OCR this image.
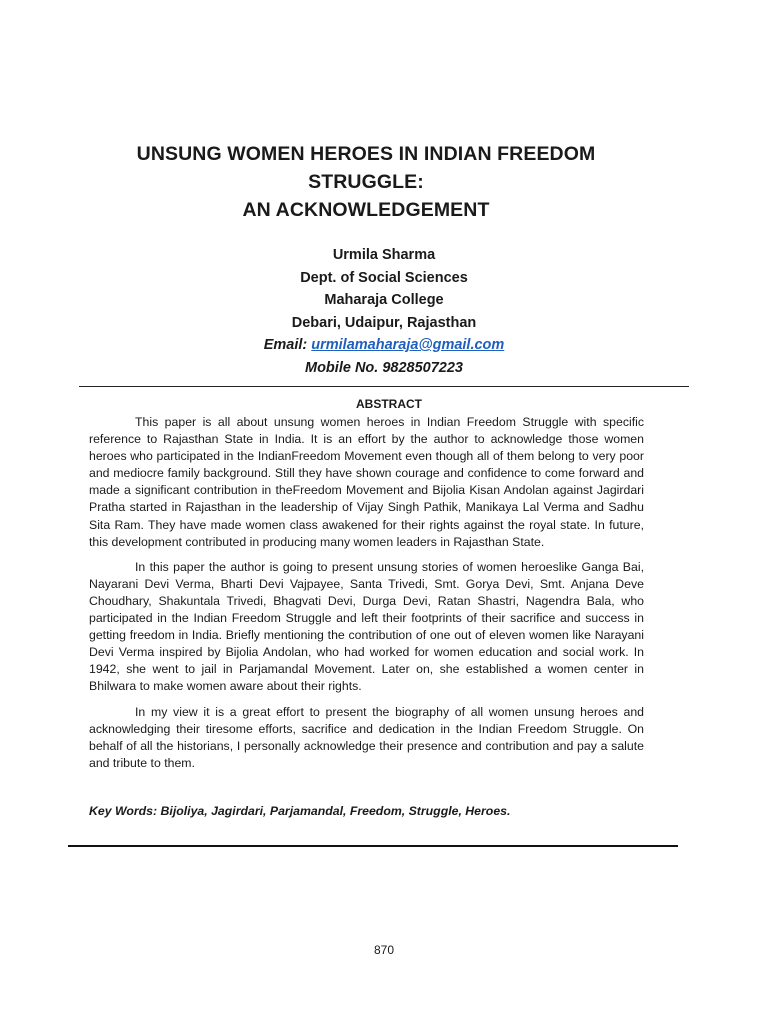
UNSUNG WOMEN HEROES IN INDIAN FREEDOM
STRUGGLE:
AN ACKNOWLEDGEMENT
Urmila Sharma
Dept. of Social Sciences
Maharaja College
Debari, Udaipur, Rajasthan
Email: urmilamaharaja@gmail.com
Mobile No. 9828507223
ABSTRACT

This paper is all about unsung women heroes in Indian Freedom Struggle with specific reference to Rajasthan State in India. It is an effort by the author to acknowledge those women heroes who participated in the IndianFreedom Movement even though all of them belong to very poor and mediocre family background. Still they have shown courage and confidence to come forward and made a significant contribution in theFreedom Movement and Bijolia Kisan Andolan against Jagirdari Pratha started in Rajasthan in the leadership of Vijay Singh Pathik, Manikaya Lal Verma and Sadhu Sita Ram. They have made women class awakened for their rights against the royal state. In future, this development contributed in producing many women leaders in Rajasthan State.

In this paper the author is going to present unsung stories of women heroeslike Ganga Bai, Nayarani Devi Verma, Bharti Devi Vajpayee, Santa Trivedi, Smt. Gorya Devi, Smt. Anjana Deve Choudhary, Shakuntala Trivedi, Bhagvati Devi, Durga Devi, Ratan Shastri, Nagendra Bala, who participated in the Indian Freedom Struggle and left their footprints of their sacrifice and success in getting freedom in India. Briefly mentioning the contribution of one out of eleven women like Narayani Devi Verma inspired by Bijolia Andolan, who had worked for women education and social work. In 1942, she went to jail in Parjamandal Movement. Later on, she established a women center in Bhilwara to make women aware about their rights.

In my view it is a great effort to present the biography of all women unsung heroes and acknowledging their tiresome efforts, sacrifice and dedication in the Indian Freedom Struggle. On behalf of all the historians, I personally acknowledge their presence and contribution and pay a salute and tribute to them.

Key Words: Bijoliya, Jagirdari, Parjamandal, Freedom, Struggle, Heroes.
870
